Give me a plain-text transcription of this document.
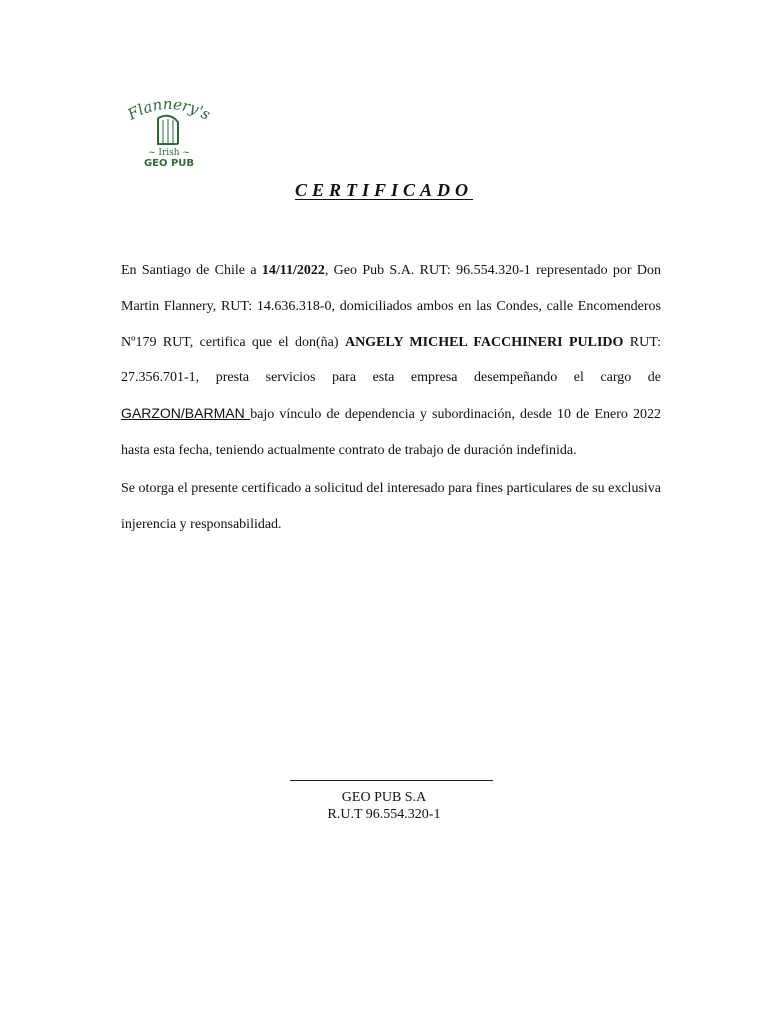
Flannery's
~ Irish ~
GEO PUB
CERTIFICADO

En Santiago de Chile a 14/11/2022, Geo Pub S.A. RUT: 96.554.320-1 representado por Don Martin Flannery, RUT: 14.636.318-0, domiciliados ambos en las Condes, calle Encomenderos Nº179 RUT, certifica que el don(ña) ANGELY MICHEL FACCHINERI PULIDO RUT: 27.356.701-1, presta servicios para esta empresa desempeñando el cargo de GARZON/BARMAN bajo vínculo de dependencia y subordinación, desde 10 de Enero 2022 hasta esta fecha, teniendo actualmente contrato de trabajo de duración indefinida.

Se otorga el presente certificado a solicitud del interesado para fines particulares de su exclusiva injerencia y responsabilidad.

GEO PUB S.A
R.U.T 96.554.320-1
